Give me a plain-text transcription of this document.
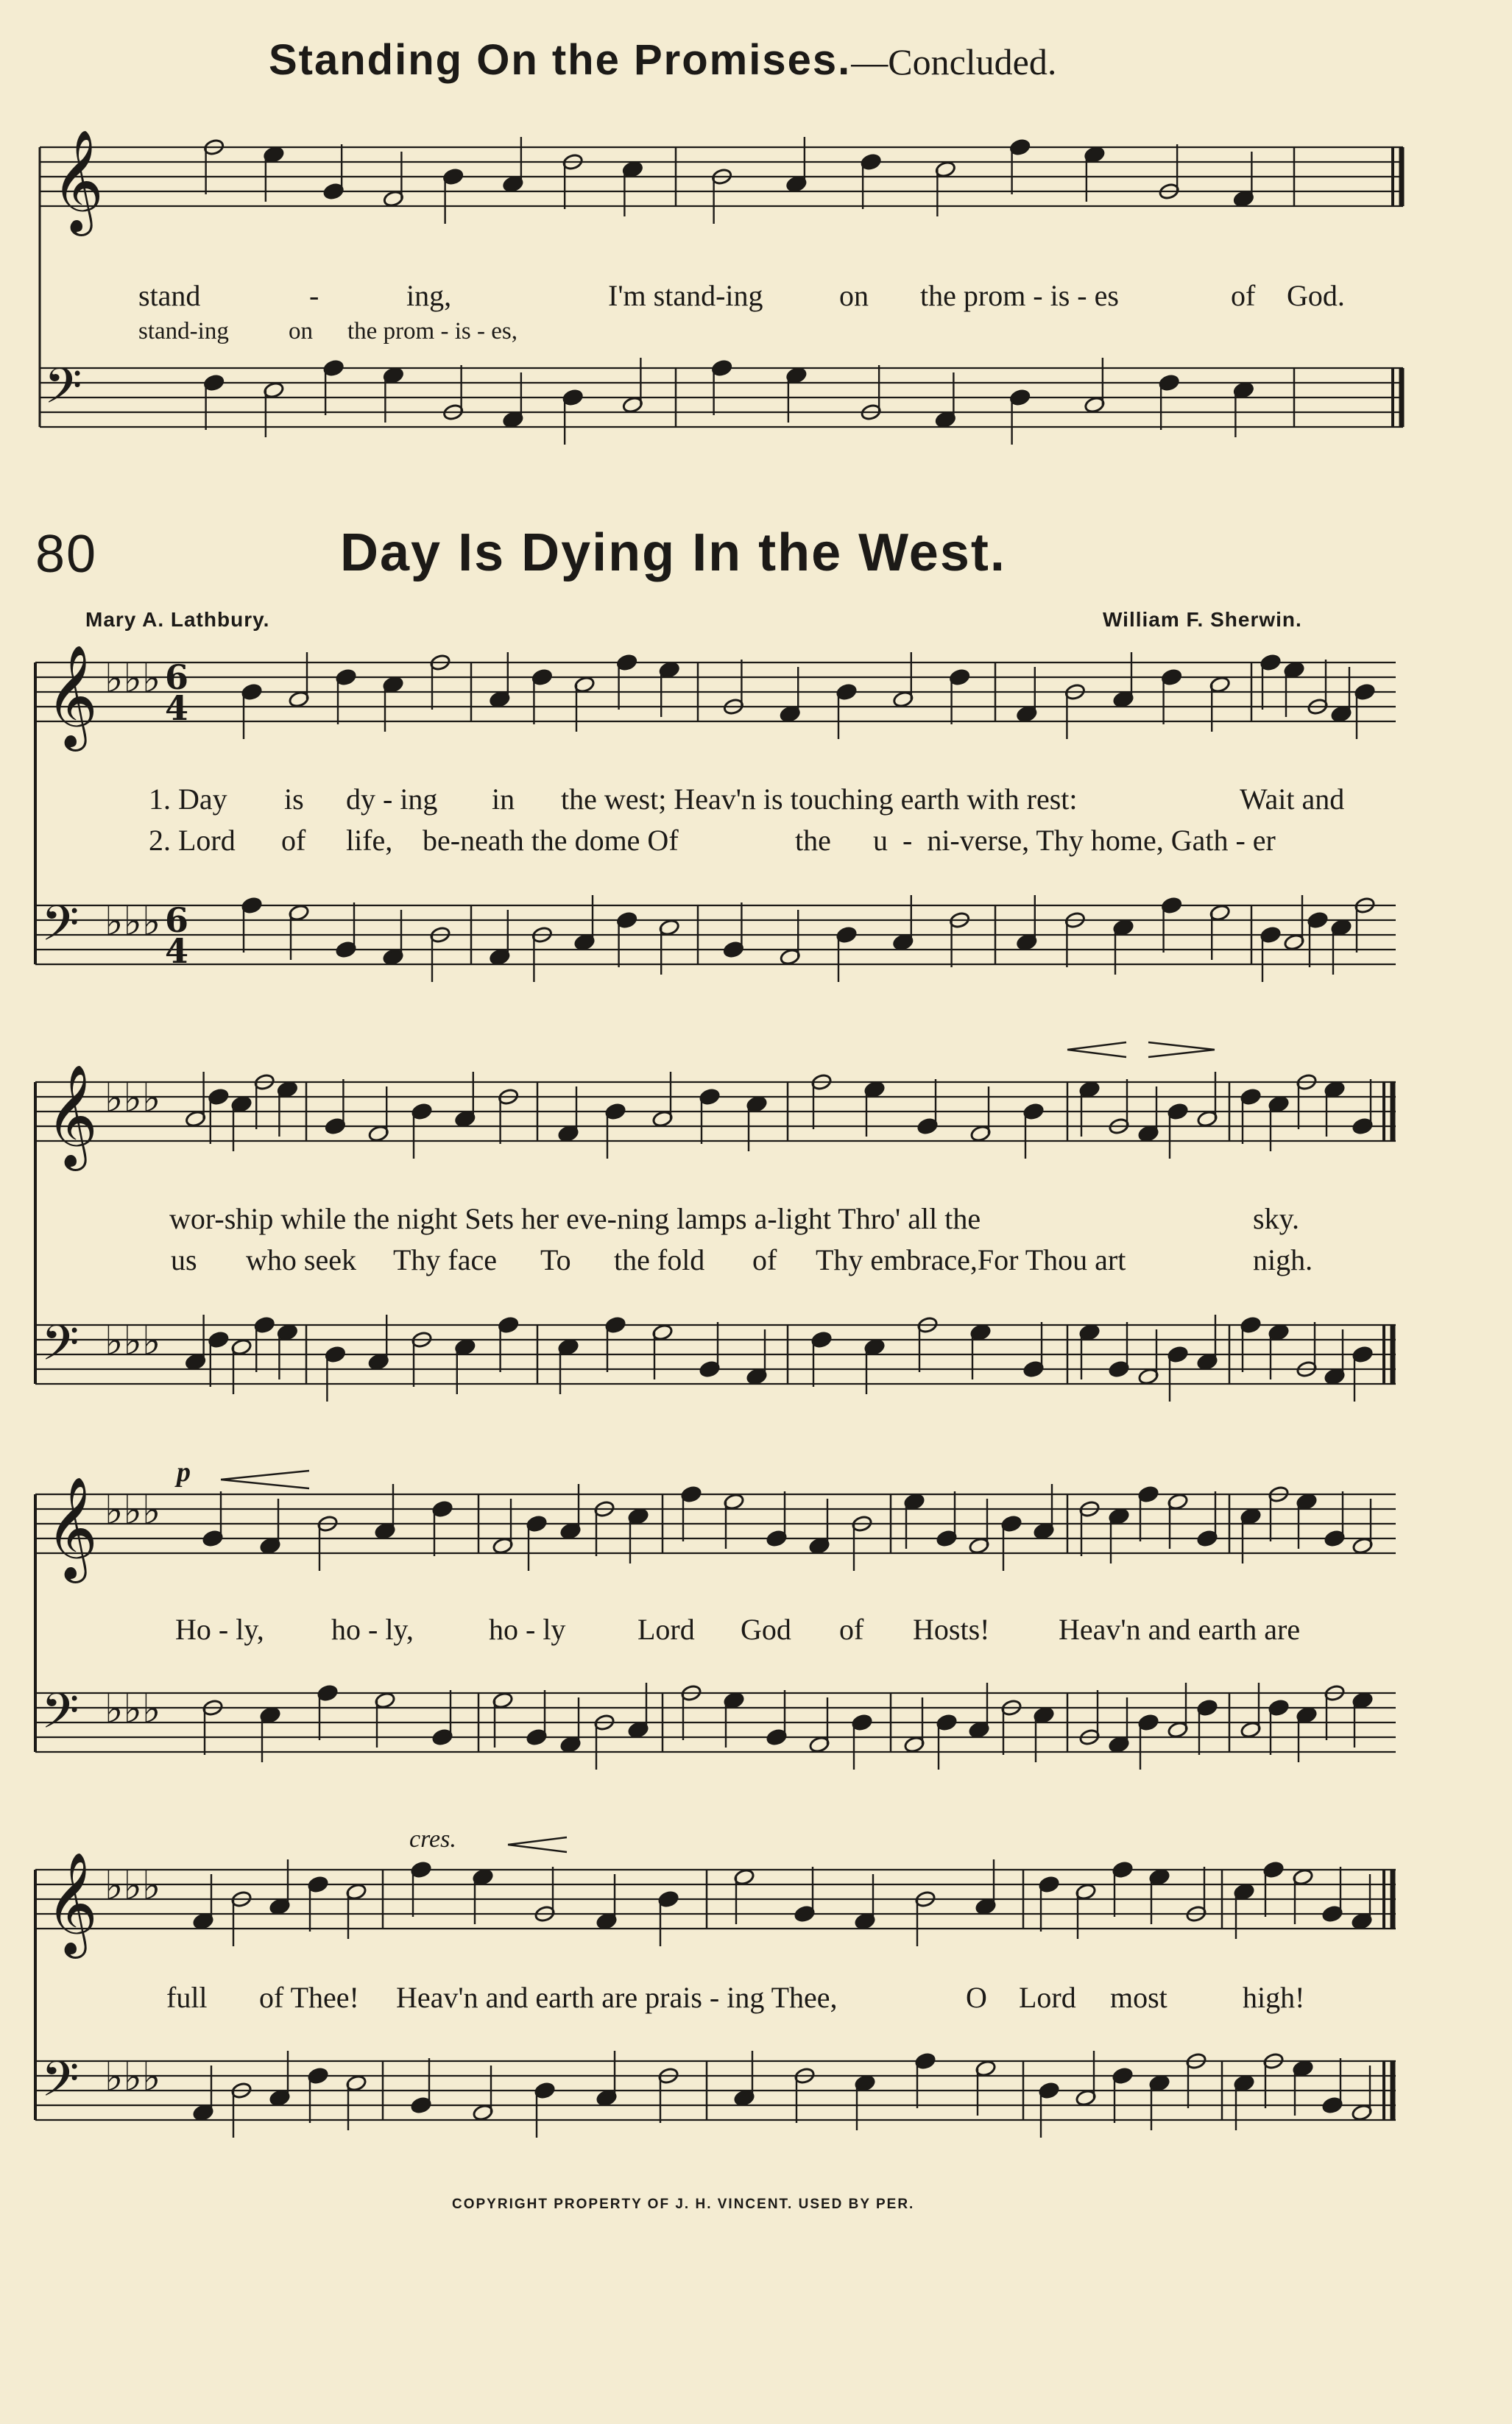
Standing On the Promises.—Concluded.
𝄞
𝄢
𝄞
𝄢
♭♭♭
♭♭♭
𝄞
𝄢
♭♭♭
♭♭♭
𝄞
𝄢
♭♭♭
♭♭♭
𝄞
𝄢
♭♭♭
♭♭♭
6
4
6
4
stand	-	ing,	I'm stand-ing	on the prom - is - es	of God.
stand-ing on the prom - is - es,
80	Day Is Dying In the West.
Mary A. Lathbury.	William F. Sherwin.
1. Day is dy - ing in the west; Heav'n is touching earth with rest:	Wait and
2. Lord of life, be-neath the dome Of	the u  -  ni-verse, Thy home, Gath - er
wor-ship while the night Sets her eve-ning lamps a-light Thro' all the	sky.
us who seek Thy face To the fold of Thy embrace,For Thou art	nigh.
p
Ho - ly, ho - ly,	ho - ly Lord God of Hosts! Heav'n and earth are
cres.
full of Thee! Heav'n and earth are prais - ing Thee,	O Lord most	high!
COPYRIGHT PROPERTY OF J. H. VINCENT. USED BY PER.
